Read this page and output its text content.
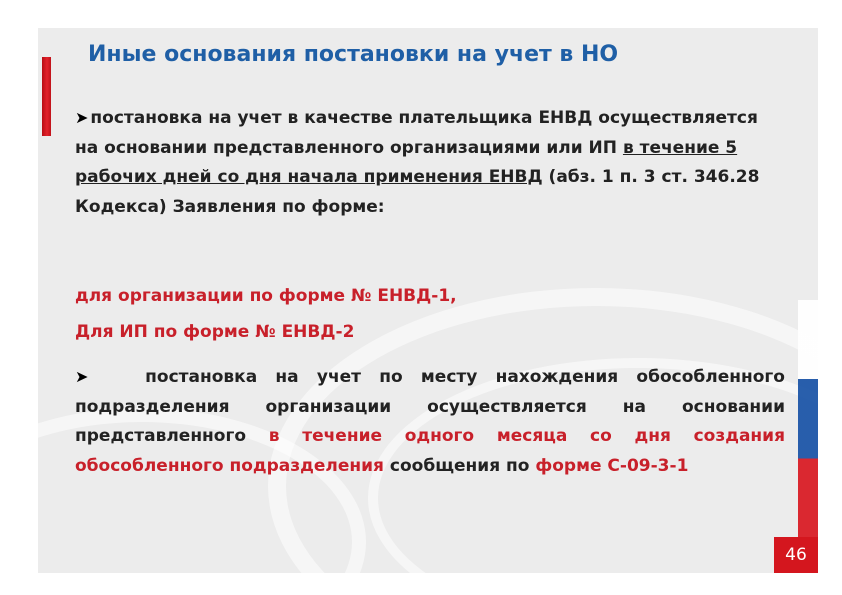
Иные основания постановки на учет в НО
➤ постановка на учет в качестве плательщика ЕНВД осуществляется на основании представленного организациями или ИП в течение 5 рабочих дней со дня начала применения ЕНВД (абз. 1 п. 3 ст. 346.28 Кодекса) Заявления по форме:
для организации по форме № ЕНВД-1,
Для ИП по форме № ЕНВД-2
➤	постановка на учет по месту нахождения обособленного подразделения организации осуществляется на основании представленного в течение одного месяца со дня создания обособленного подразделения сообщения по форме С-09-3-1
46
